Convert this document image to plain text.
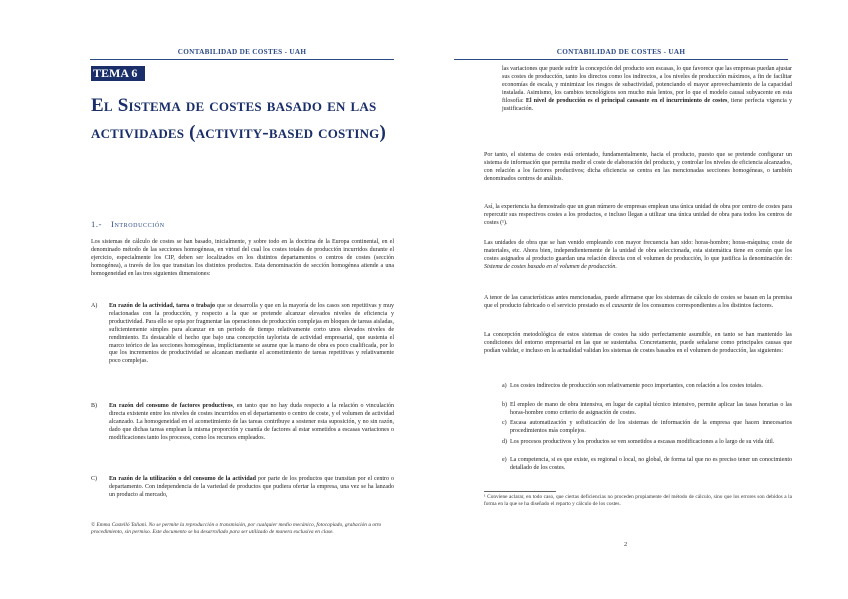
CONTABILIDAD DE COSTES - UAH
TEMA 6
El Sistema de costes basado en las actividades (activity-based costing)
1.- Introducción
Los sistemas de cálculo de costes se han basado, inicialmente, y sobre todo en la doctrina de la Europa continental, en el denominado método de las secciones homogéneas, en virtud del cual los costes totales de producción incurridos durante el ejercicio, especialmente los CIP, deben ser localizados en los distintos departamentos o centros de costes (sección homogénea), a través de los que transitan los distintos productos. Esta denominación de sección homogénea atiende a una homogeneidad en las tres siguientes dimensiones:
A) En razón de la actividad, tarea o trabajo que se desarrolla y que en la mayoría de los casos son repetitivas y muy relacionadas con la producción, y respecto a la que se pretende alcanzar elevados niveles de eficiencia y productividad. Para ello se opta por fragmentar las operaciones de producción complejas en bloques de tareas aisladas, suficientemente simples para alcanzar en un periodo de tiempo relativamente corto unos elevados niveles de rendimiento. Es destacable el hecho que bajo una concepción taylorista de actividad empresarial, que sustenta el marco teórico de las secciones homogéneas, implícitamente se asume que la mano de obra es poco cualificada, por lo que los incrementos de productividad se alcanzan mediante el acometimiento de tareas repetitivas y relativamente poco complejas.
B) En razón del consumo de factores productivos, en tanto que no hay duda respecto a la relación o vinculación directa existente entre los niveles de costes incurridos en el departamento o centro de coste, y el volumen de actividad alcanzado. La homogeneidad en el acometimiento de las tareas contribuye a sostener esta suposición, y no sin razón, dado que dichas tareas emplean la misma proporción y cuantía de factores al estar sometidos a escasas variaciones o modificaciones tanto los procesos, como los recursos empleados.
C) En razón de la utilización o del consumo de la actividad por parte de los productos que transitan por el centro o departamento. Con independencia de la variedad de productos que pudiera ofertar la empresa, una vez se ha lanzado un producto al mercado,
© Emma Castelló Taliani. No se permite la reproducción o transmisión, por cualquier medio mecánico, fotocopiado, grabación u otro procedimiento, sin permiso. Este documento se ha desarrollado para ser utilizado de manera exclusiva en clase.
CONTABILIDAD DE COSTES - UAH
las variaciones que puede sufrir la concepción del producto son escasas, lo que favorece que las empresas puedan ajustar sus costes de producción, tanto los directos como los indirectos, a los niveles de producción máximos, a fin de facilitar economías de escala, y minimizar los riesgos de subactividad, potenciando el mayor aprovechamiento de la capacidad instalada. Asimismo, los cambios tecnológicos son mucho más lentos, por lo que el modelo causal subyacente en esta filosofía: El nivel de producción es el principal causante en el incurrimiento de costes, tiene perfecta vigencia y justificación.
Por tanto, el sistema de costes está orientado, fundamentalmente, hacia el producto, puesto que se pretende configurar un sistema de información que permita medir el coste de elaboración del producto, y controlar los niveles de eficiencia alcanzados, con relación a los factores productivos; dicha eficiencia se centra en las mencionadas secciones homogéneas, o también denominados centros de análisis.
Así, la experiencia ha demostrado que un gran número de empresas emplean una única unidad de obra por centro de costes para repercutir sus respectivos costes a los productos, e incluso llegan a utilizar una única unidad de obra para todos los centros de costes (¹).
Las unidades de obra que se han venido empleando con mayor frecuencia han sido: horas-hombre; horas-máquina; coste de materiales, etc. Ahora bien, independientemente de la unidad de obra seleccionada, esta sistemática tiene en común que los costes asignados al producto guardan una relación directa con el volumen de producción, lo que justifica la denominación de: Sistema de costes basado en el volumen de producción.
A tenor de las características antes mencionadas, puede afirmarse que los sistemas de cálculo de costes se basan en la premisa que el producto fabricado o el servicio prestado es el causante de los consumos correspondientes a los distintos factores.
La concepción metodológica de estos sistemas de costes ha sido perfectamente asumible, en tanto se han mantenido las condiciones del entorno empresarial en las que se sustentaba. Concretamente, puede señalarse como principales causas que podían validar, e incluso en la actualidad validan los sistemas de costes basados en el volumen de producción, las siguientes:
a) Los costes indirectos de producción son relativamente poco importantes, con relación a los costes totales.
b) El empleo de mano de obra intensiva, en lugar de capital técnico intensivo, permite aplicar las tasas horarias o las horas-hombre como criterio de asignación de costes.
c) Escasa automatización y sofisticación de los sistemas de información de la empresa que hacen innecesarios procedimientos más complejos.
d) Los procesos productivos y los productos se ven sometidos a escasas modificaciones a lo largo de su vida útil.
e) La competencia, si es que existe, es regional o local, no global, de forma tal que no es preciso tener un conocimiento detallado de los costes.
¹ Conviene aclarar, en todo caso, que ciertas deficiencias no proceden propiamente del método de cálculo, sino que los errores son debidos a la forma en la que se ha diseñado el reparto y cálculo de los costes.
2
